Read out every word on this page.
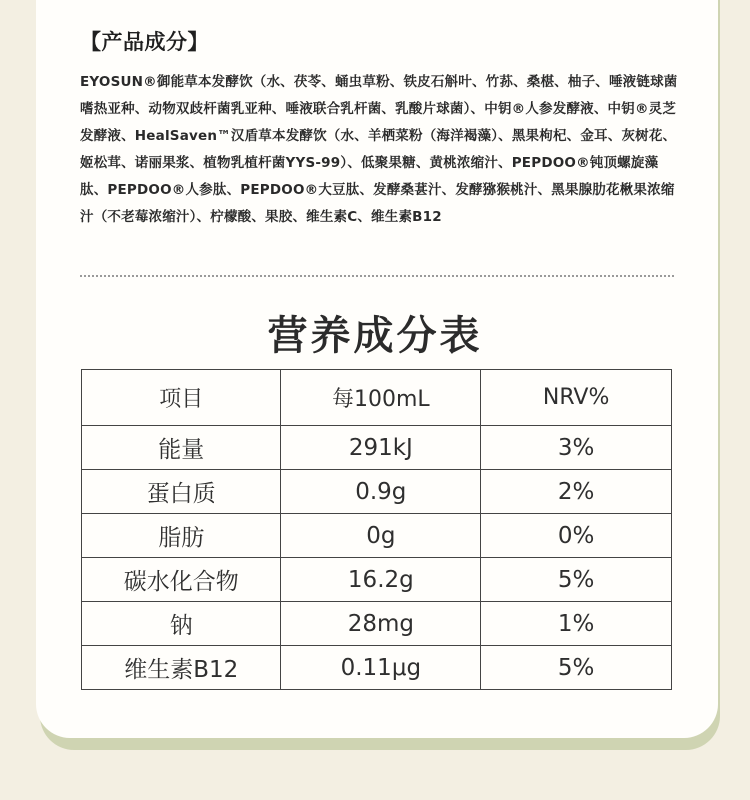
【产品成分】

EYOSUN®御能草本发酵饮（水、茯苓、蛹虫草粉、铁皮石斛叶、竹荪、桑椹、柚子、唾液链球菌嗜热亚种、动物双歧杆菌乳亚种、唾液联合乳杆菌、乳酸片球菌）、中钥®人参发酵液、中钥®灵芝发酵液、HealSaven™汉盾草本发酵饮（水、羊栖菜粉（海洋褐藻）、黑果枸杞、金耳、灰树花、姬松茸、诺丽果浆、植物乳植杆菌YYS-99）、低聚果糖、黄桃浓缩汁、PEPDOO®钝顶螺旋藻肽、PEPDOO®人参肽、PEPDOO®大豆肽、发酵桑葚汁、发酵猕猴桃汁、黑果腺肋花楸果浓缩汁（不老莓浓缩汁）、柠檬酸、果胶、维生素C、维生素B12

营养成分表
项目	每100mL	NRV%
能量	291kJ	3%
蛋白质	0.9g	2%
脂肪	0g	0%
碳水化合物	16.2g	5%
钠	28mg	1%
维生素B12	0.11μg	5%
